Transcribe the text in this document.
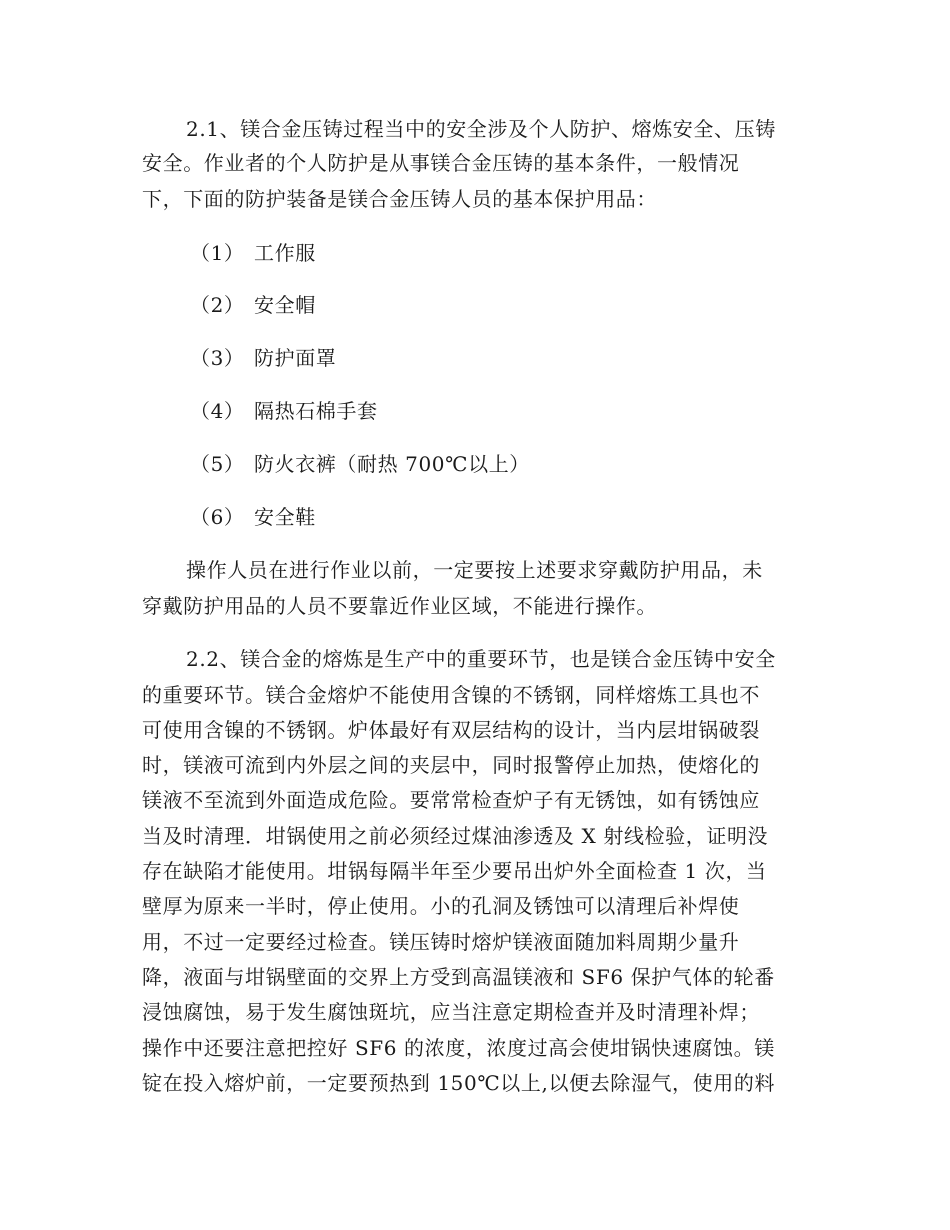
2.1、镁合金压铸过程当中的安全涉及个人防护、熔炼安全、压铸
安全。作业者的个人防护是从事镁合金压铸的基本条件，一般情况
下，下面的防护装备是镁合金压铸人员的基本保护用品：
（1） 工作服
（2） 安全帽
（3） 防护面罩
（4） 隔热石棉手套
（5） 防火衣裤（耐热 700℃以上）
（6） 安全鞋
操作人员在进行作业以前，一定要按上述要求穿戴防护用品，未
穿戴防护用品的人员不要靠近作业区域，不能进行操作。
2.2、镁合金的熔炼是生产中的重要环节，也是镁合金压铸中安全
的重要环节。镁合金熔炉不能使用含镍的不锈钢，同样熔炼工具也不
可使用含镍的不锈钢。炉体最好有双层结构的设计，当内层坩锅破裂
时，镁液可流到内外层之间的夹层中，同时报警停止加热，使熔化的
镁液不至流到外面造成危险。要常常检查炉子有无锈蚀，如有锈蚀应
当及时清理．坩锅使用之前必须经过煤油渗透及 X 射线检验，证明没
存在缺陷才能使用。坩锅每隔半年至少要吊出炉外全面检查 1 次，当
壁厚为原来一半时，停止使用。小的孔洞及锈蚀可以清理后补焊使
用，不过一定要经过检查。镁压铸时熔炉镁液面随加料周期少量升
降，液面与坩锅壁面的交界上方受到高温镁液和 SF6 保护气体的轮番
浸蚀腐蚀，易于发生腐蚀斑坑，应当注意定期检查并及时清理补焊；
操作中还要注意把控好 SF6 的浓度，浓度过高会使坩锅快速腐蚀。镁
锭在投入熔炉前，一定要预热到 150℃以上,以便去除湿气，使用的料
